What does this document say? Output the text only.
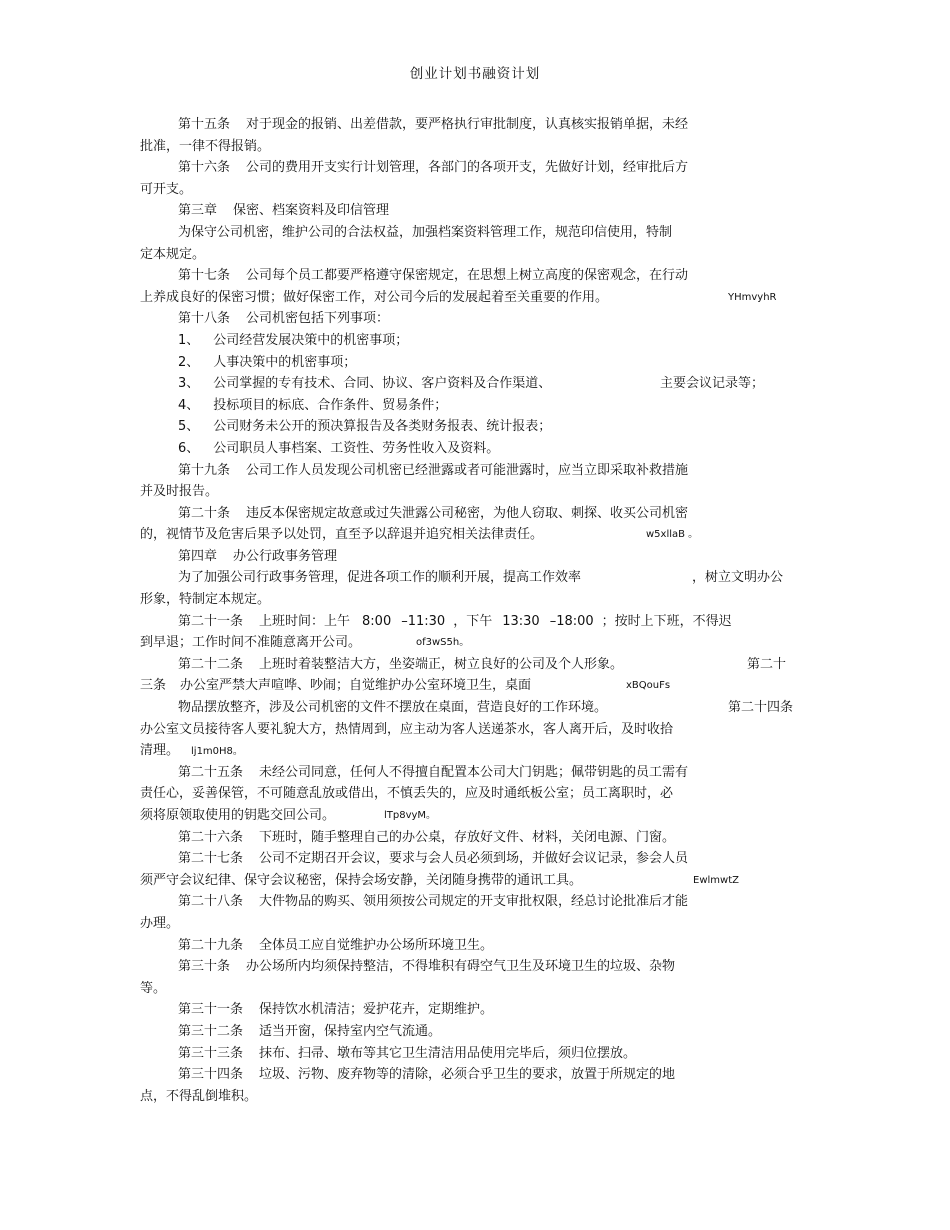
创业计划书融资计划
第十五条 对于现金的报销、出差借款，要严格执行审批制度，认真核实报销单据，未经
批准，一律不得报销。
第十六条 公司的费用开支实行计划管理，各部门的各项开支，先做好计划，经审批后方
可开支。
第三章 保密、档案资料及印信管理
为保守公司机密，维护公司的合法权益，加强档案资料管理工作，规范印信使用，特制
定本规定。
第十七条 公司每个员工都要严格遵守保密规定，在思想上树立高度的保密观念，在行动
上养成良好的保密习惯；做好保密工作，对公司今后的发展起着至关重要的作用。	YHmvyhR
第十八条 公司机密包括下列事项：
1、 公司经营发展决策中的机密事项；
2、 人事决策中的机密事项；
3、 公司掌握的专有技术、合同、协议、客户资料及合作渠道、	主要会议记录等；
4、 投标项目的标底、合作条件、贸易条件；
5、 公司财务未公开的预决算报告及各类财务报表、统计报表；
6、 公司职员人事档案、工资性、劳务性收入及资料。
第十九条 公司工作人员发现公司机密已经泄露或者可能泄露时，应当立即采取补救措施
并及时报告。
第二十条 违反本保密规定故意或过失泄露公司秘密，为他人窃取、刺探、收买公司机密
的，视情节及危害后果予以处罚，直至予以辞退并追究相关法律责任。	w5xllaB 。
第四章 办公行政事务管理
为了加强公司行政事务管理，促进各项工作的顺利开展，提高工作效率	，树立文明办公
形象，特制定本规定。
第二十一条 上班时间：上午 8:00 –11:30 ，下午 13:30 –18:00 ；按时上下班，不得迟
到早退；工作时间不准随意离开公司。	of3wS5h。
第二十二条 上班时着装整洁大方，坐姿端正，树立良好的公司及个人形象。	第二十
三条 办公室严禁大声喧哗、吵闹；自觉维护办公室环境卫生，桌面	xBQouFs
物品摆放整齐，涉及公司机密的文件不摆放在桌面，营造良好的工作环境。	第二十四条
办公室文员接待客人要礼貌大方，热情周到，应主动为客人送递茶水，客人离开后，及时收拾
清理。 lj1m0H8。
第二十五条 未经公司同意，任何人不得擅自配置本公司大门钥匙；佩带钥匙的员工需有
责任心，妥善保管，不可随意乱放或借出，不慎丢失的，应及时通纸板公室；员工离职时，必
须将原领取使用的钥匙交回公司。	lTp8vyM。
第二十六条 下班时，随手整理自己的办公桌，存放好文件、材料，关闭电源、门窗。
第二十七条 公司不定期召开会议，要求与会人员必须到场，并做好会议记录，参会人员
须严守会议纪律、保守会议秘密，保持会场安静，关闭随身携带的通讯工具。	EwlmwtZ
第二十八条 大件物品的购买、领用须按公司规定的开支审批权限，经总讨论批准后才能
办理。
第二十九条 全体员工应自觉维护办公场所环境卫生。
第三十条 办公场所内均须保持整洁，不得堆积有碍空气卫生及环境卫生的垃圾、杂物
等。
第三十一条 保持饮水机清洁；爱护花卉，定期维护。
第三十二条 适当开窗，保持室内空气流通。
第三十三条 抹布、扫帚、墩布等其它卫生清洁用品使用完毕后，须归位摆放。
第三十四条 垃圾、污物、废弃物等的清除，必须合乎卫生的要求，放置于所规定的地
点，不得乱倒堆积。
